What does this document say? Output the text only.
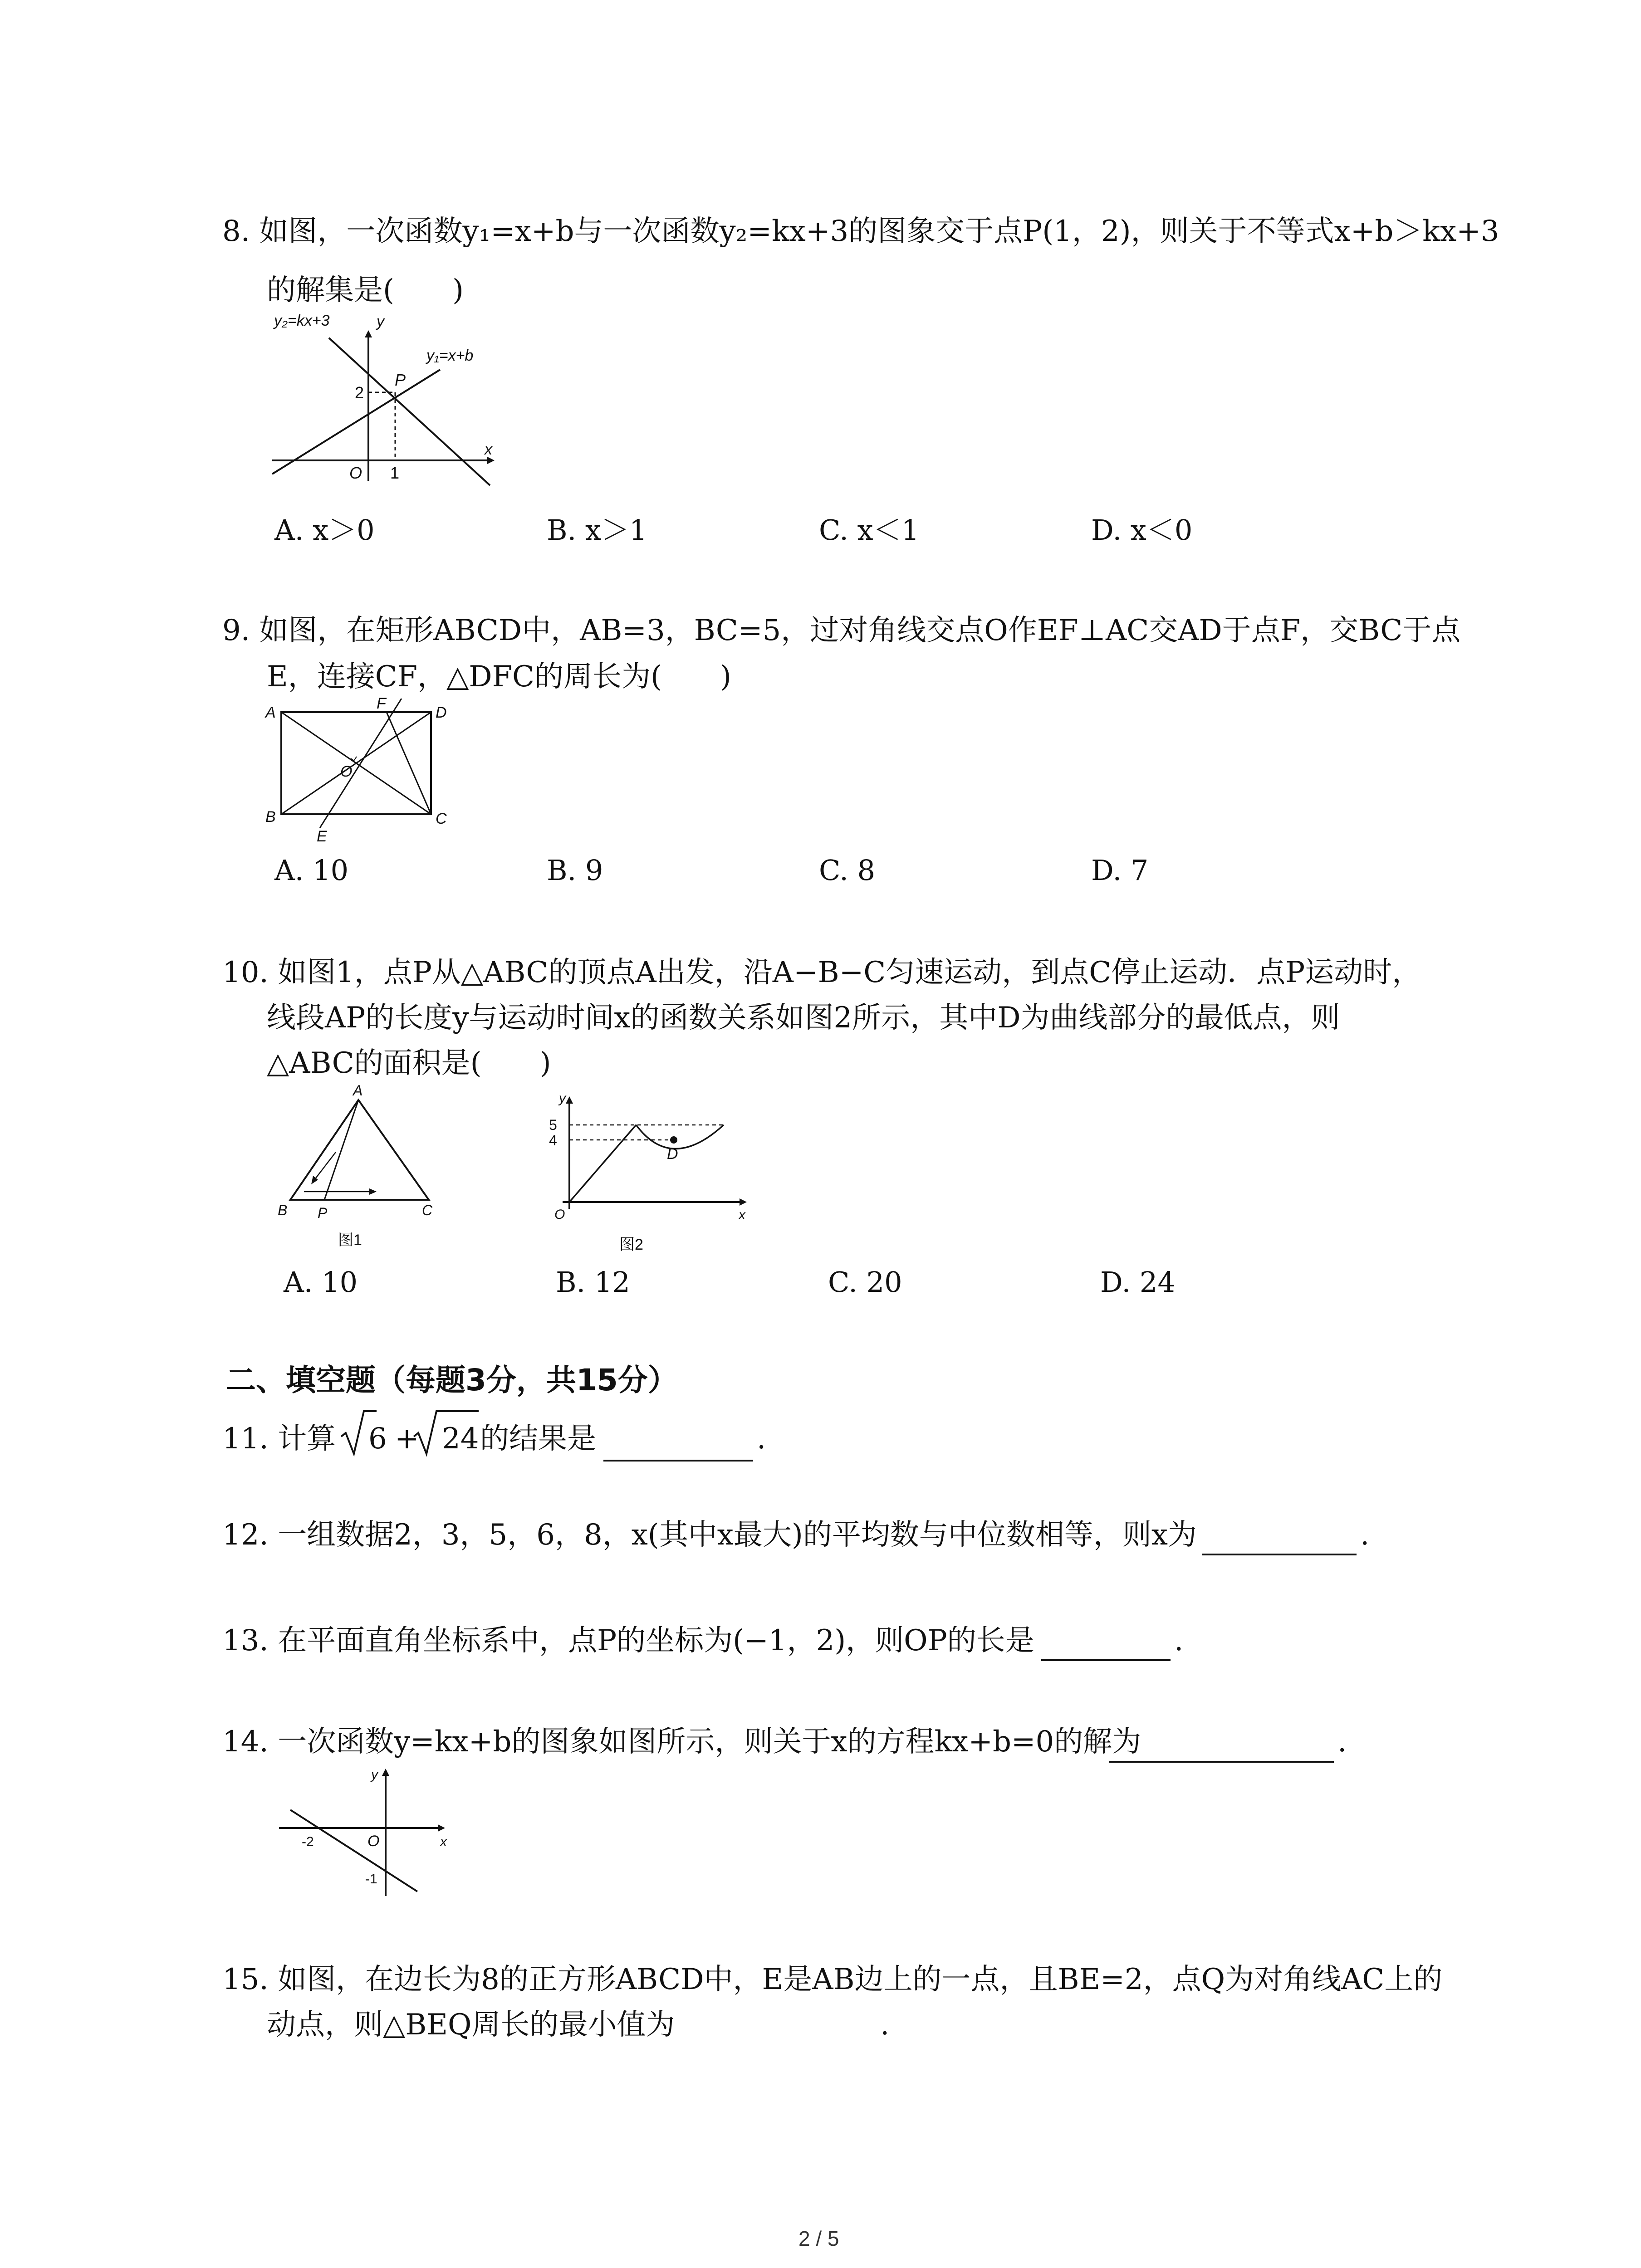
8. 如图，一次函数y₁=x+b与一次函数y₂=kx+3的图象交于点P(1，2)，则关于不等式x+b＞kx+3
的解集是(　　)
y₂=kx+3
y₁=x+b
y
x
O
P
2
1
A. x＞0	B. x＞1	C. x＜1	D. x＜0
9. 如图，在矩形ABCD中，AB=3，BC=5，过对角线交点O作EF⊥AC交AD于点F，交BC于点
E，连接CF，△DFC的周长为(　　)
A
B	C
D
E
F
O
A. 10	B. 9	C. 8	D. 7
10. 如图1，点P从△ABC的顶点A出发，沿A−B−C匀速运动，到点C停止运动．点P运动时，
线段AP的长度y与运动时间x的函数关系如图2所示，其中D为曲线部分的最低点，则
△ABC的面积是(　　)
A
B	C
P
图1
y
x
5
4
O
D
图2
A. 10	B. 12	C. 20	D. 24
二、填空题（每题3分，共15分）
11. 计算 6 + 24 的结果是	.
12. 一组数据2，3，5，6，8，x(其中x最大)的平均数与中位数相等，则x为	.
13. 在平面直角坐标系中，点P的坐标为(−1，2)，则OP的长是	.
14. 一次函数y=kx+b的图象如图所示，则关于x的方程kx+b=0的解为	.
y
x
O
-2
-1
15. 如图，在边长为8的正方形ABCD中，E是AB边上的一点，且BE=2，点Q为对角线AC上的
动点，则△BEQ周长的最小值为	.
2 / 5
